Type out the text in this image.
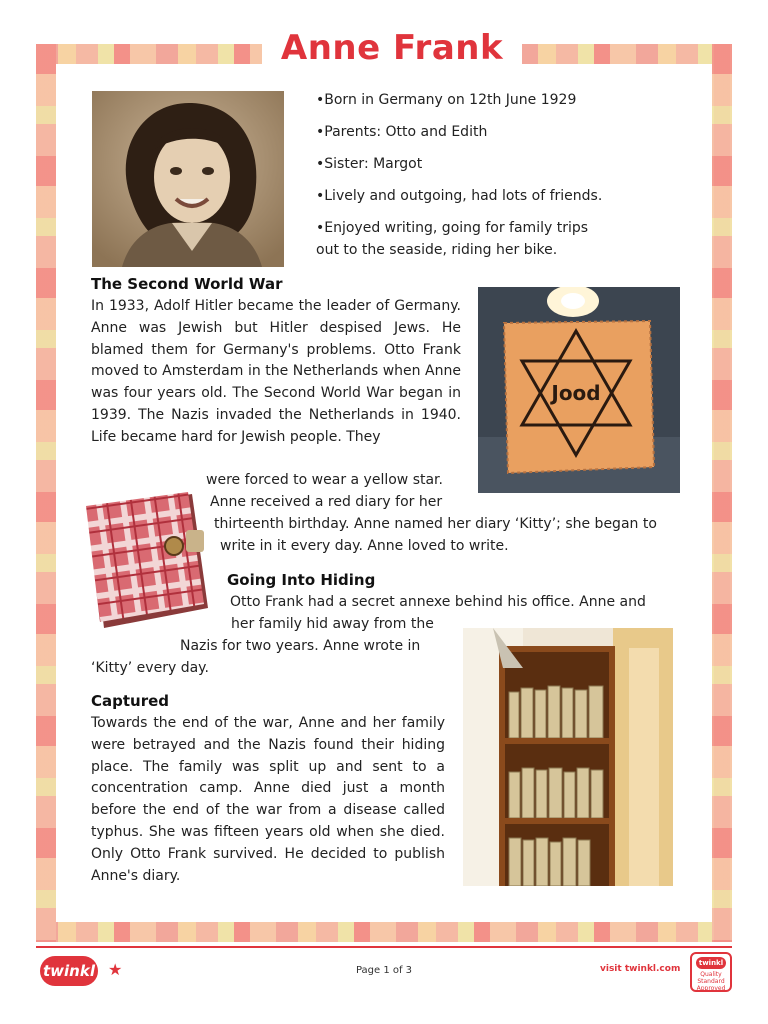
Anne Frank
•Born in Germany on 12th June 1929
•Parents: Otto and Edith
•Sister: Margot
•Lively and outgoing, had lots of friends.
•Enjoyed writing, going for family trips
out to the seaside, riding her bike.
The Second World War
In 1933, Adolf Hitler became the leader of Germany. Anne was Jewish but Hitler despised Jews. He blamed them for Germany's problems. Otto Frank moved to Amsterdam in the Netherlands when Anne was four years old. The Second World War began in 1939. The Nazis invaded the Netherlands in 1940. Life became hard for Jewish people. They
Jood
were forced to wear a yellow star.
Anne received a red diary for her
thirteenth birthday. Anne named her diary ‘Kitty’; she began to
write in it every day. Anne loved to write.
Going Into Hiding
Otto Frank had a secret annexe behind his office. Anne and
her family hid away from the
Nazis for two years. Anne wrote in
‘Kitty’ every day.
Captured
Towards the end of the war, Anne and her family were betrayed and the Nazis found their hiding place. The family was split up and sent to a concentration camp. Anne died just a month before the end of the war from a disease called typhus. She was fifteen years old when she died. Only Otto Frank survived. He decided to publish Anne's diary.
twinkl ★	Page 1 of 3	visit twinkl.com
twinkl
Quality Standard Approved
